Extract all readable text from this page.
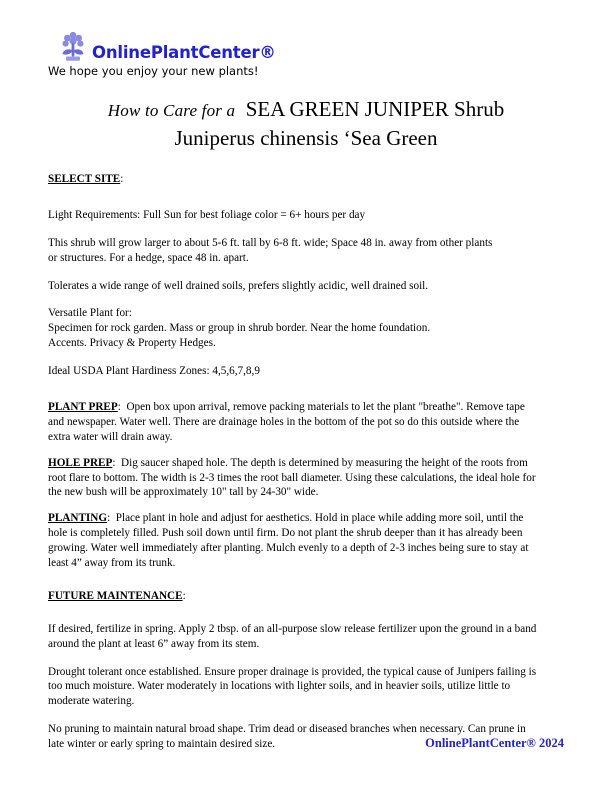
OnlinePlantCenter®
We hope you enjoy your new plants!
How to Care for a SEA GREEN JUNIPER Shrub
Juniperus chinensis ‘Sea Green

SELECT SITE:

Light Requirements: Full Sun for best foliage color = 6+ hours per day

This shrub will grow larger to about 5-6 ft. tall by 6-8 ft. wide; Space 48 in. away from other plants or structures. For a hedge, space 48 in. apart.

Tolerates a wide range of well drained soils, prefers slightly acidic, well drained soil.

Versatile Plant for:

Specimen for rock garden. Mass or group in shrub border. Near the home foundation. Accents. Privacy & Property Hedges.

Ideal USDA Plant Hardiness Zones: 4,5,6,7,8,9

PLANT PREP: Open box upon arrival, remove packing materials to let the plant "breathe". Remove tape and newspaper. Water well. There are drainage holes in the bottom of the pot so do this outside where the extra water will drain away.

HOLE PREP: Dig saucer shaped hole. The depth is determined by measuring the height of the roots from root flare to bottom. The width is 2-3 times the root ball diameter. Using these calculations, the ideal hole for the new bush will be approximately 10" tall by 24-30" wide.

PLANTING: Place plant in hole and adjust for aesthetics. Hold in place while adding more soil, until the hole is completely filled. Push soil down until firm. Do not plant the shrub deeper than it has already been growing. Water well immediately after planting. Mulch evenly to a depth of 2-3 inches being sure to stay at least 4” away from its trunk.

FUTURE MAINTENANCE:

If desired, fertilize in spring. Apply 2 tbsp. of an all-purpose slow release fertilizer upon the ground in a band around the plant at least 6” away from its stem.

Drought tolerant once established. Ensure proper drainage is provided, the typical cause of Junipers failing is too much moisture. Water moderately in locations with lighter soils, and in heavier soils, utilize little to moderate watering.

No pruning to maintain natural broad shape. Trim dead or diseased branches when necessary. Can prune in late winter or early spring to maintain desired size.	OnlinePlantCenter® 2024
